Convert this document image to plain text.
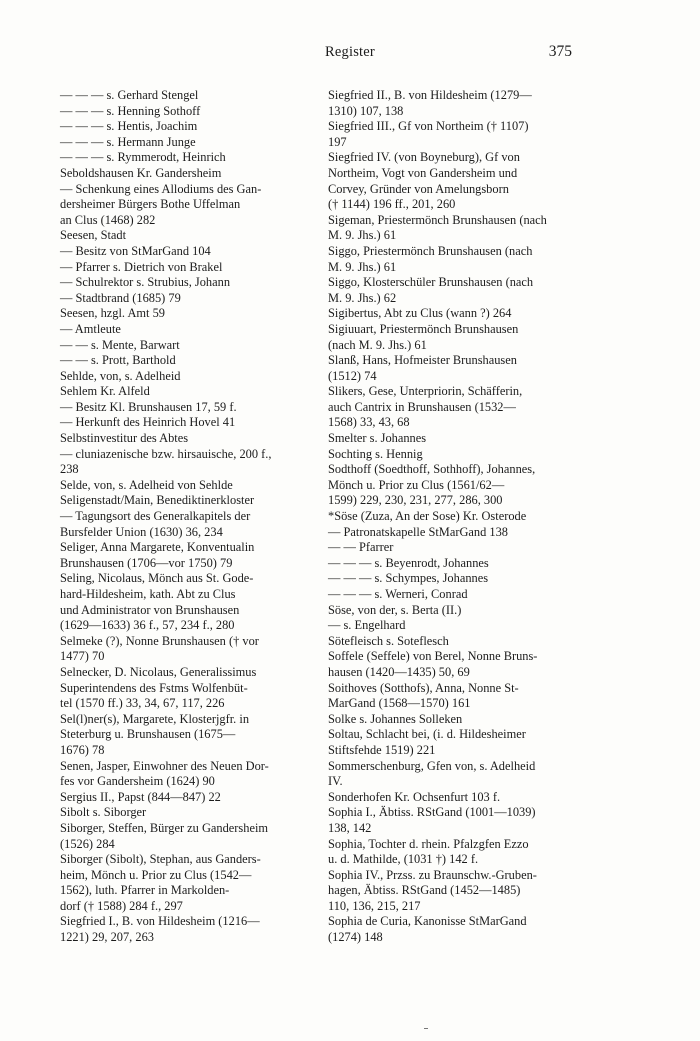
Register	375

— — — s. Gerhard Stengel

— — — s. Henning Sothoff

— — — s. Hentis, Joachim

— — — s. Hermann Junge

— — — s. Rymmerodt, Heinrich

Seboldshausen Kr. Gandersheim

— Schenkung eines Allodiums des Gan-
dersheimer Bürgers Bothe Uffelman
an Clus (1468) 282

Seesen, Stadt

— Besitz von StMarGand 104

— Pfarrer s. Dietrich von Brakel

— Schulrektor s. Strubius, Johann

— Stadtbrand (1685) 79

Seesen, hzgl. Amt 59

— Amtleute

— — s. Mente, Barwart

— — s. Prott, Barthold

Sehlde, von, s. Adelheid

Sehlem Kr. Alfeld

— Besitz Kl. Brunshausen 17, 59 f.

— Herkunft des Heinrich Hovel 41

Selbstinvestitur des Abtes

— cluniazenische bzw. hirsauische, 200 f.,
238

Selde, von, s. Adelheid von Sehlde

Seligenstadt/Main, Benediktinerkloster

— Tagungsort des Generalkapitels der
Bursfelder Union (1630) 36, 234

Seliger, Anna Margarete, Konventualin
Brunshausen (1706—vor 1750) 79

Seling, Nicolaus, Mönch aus St. Gode-
hard-Hildesheim, kath. Abt zu Clus
und Administrator von Brunshausen
(1629—1633) 36 f., 57, 234 f., 280

Selmeke (?), Nonne Brunshausen († vor
1477) 70

Selnecker, D. Nicolaus, Generalissimus
Superintendens des Fstms Wolfenbüt-
tel (1570 ff.) 33, 34, 67, 117, 226

Sel(l)ner(s), Margarete, Klosterjgfr. in
Steterburg u. Brunshausen (1675—
1676) 78

Senen, Jasper, Einwohner des Neuen Dor-
fes vor Gandersheim (1624) 90

Sergius II., Papst (844—847) 22

Sibolt s. Siborger

Siborger, Steffen, Bürger zu Gandersheim
(1526) 284

Siborger (Sibolt), Stephan, aus Ganders-
heim, Mönch u. Prior zu Clus (1542—
1562), luth. Pfarrer in Markolden-
dorf († 1588) 284 f., 297

Siegfried I., B. von Hildesheim (1216—
1221) 29, 207, 263

Siegfried II., B. von Hildesheim (1279—
1310) 107, 138

Siegfried III., Gf von Northeim († 1107)
197

Siegfried IV. (von Boyneburg), Gf von
Northeim, Vogt von Gandersheim und
Corvey, Gründer von Amelungsborn
(† 1144) 196 ff., 201, 260

Sigeman, Priestermönch Brunshausen (nach
M. 9. Jhs.) 61

Siggo, Priestermönch Brunshausen (nach
M. 9. Jhs.) 61

Siggo, Klosterschüler Brunshausen (nach
M. 9. Jhs.) 62

Sigibertus, Abt zu Clus (wann ?) 264

Sigiuuart, Priestermönch Brunshausen
(nach M. 9. Jhs.) 61

Slanß, Hans, Hofmeister Brunshausen
(1512) 74

Slikers, Gese, Unterpriorin, Schäfferin,
auch Cantrix in Brunshausen (1532—
1568) 33, 43, 68

Smelter s. Johannes

Sochting s. Hennig

Sodthoff (Soedthoff, Sothhoff), Johannes,
Mönch u. Prior zu Clus (1561/62—
1599) 229, 230, 231, 277, 286, 300

*Söse (Zuza, An der Sose) Kr. Osterode

— Patronatskapelle StMarGand 138

— — Pfarrer

— — — s. Beyenrodt, Johannes

— — — s. Schympes, Johannes

— — — s. Werneri, Conrad

Söse, von der, s. Berta (II.)

— s. Engelhard

Sötefleisch s. Soteflesch

Soffele (Seffele) von Berel, Nonne Bruns-
hausen (1420—1435) 50, 69

Soithoves (Sotthofs), Anna, Nonne St-
MarGand (1568—1570) 161

Solke s. Johannes Solleken

Soltau, Schlacht bei, (i. d. Hildesheimer
Stiftsfehde 1519) 221

Sommerschenburg, Gfen von, s. Adelheid
IV.

Sonderhofen Kr. Ochsenfurt 103 f.

Sophia I., Äbtiss. RStGand (1001—1039)
138, 142

Sophia, Tochter d. rhein. Pfalzgfen Ezzo
u. d. Mathilde, (1031 †) 142 f.

Sophia IV., Przss. zu Braunschw.-Gruben-
hagen, Äbtiss. RStGand (1452—1485)
110, 136, 215, 217

Sophia de Curia, Kanonisse StMarGand
(1274) 148
